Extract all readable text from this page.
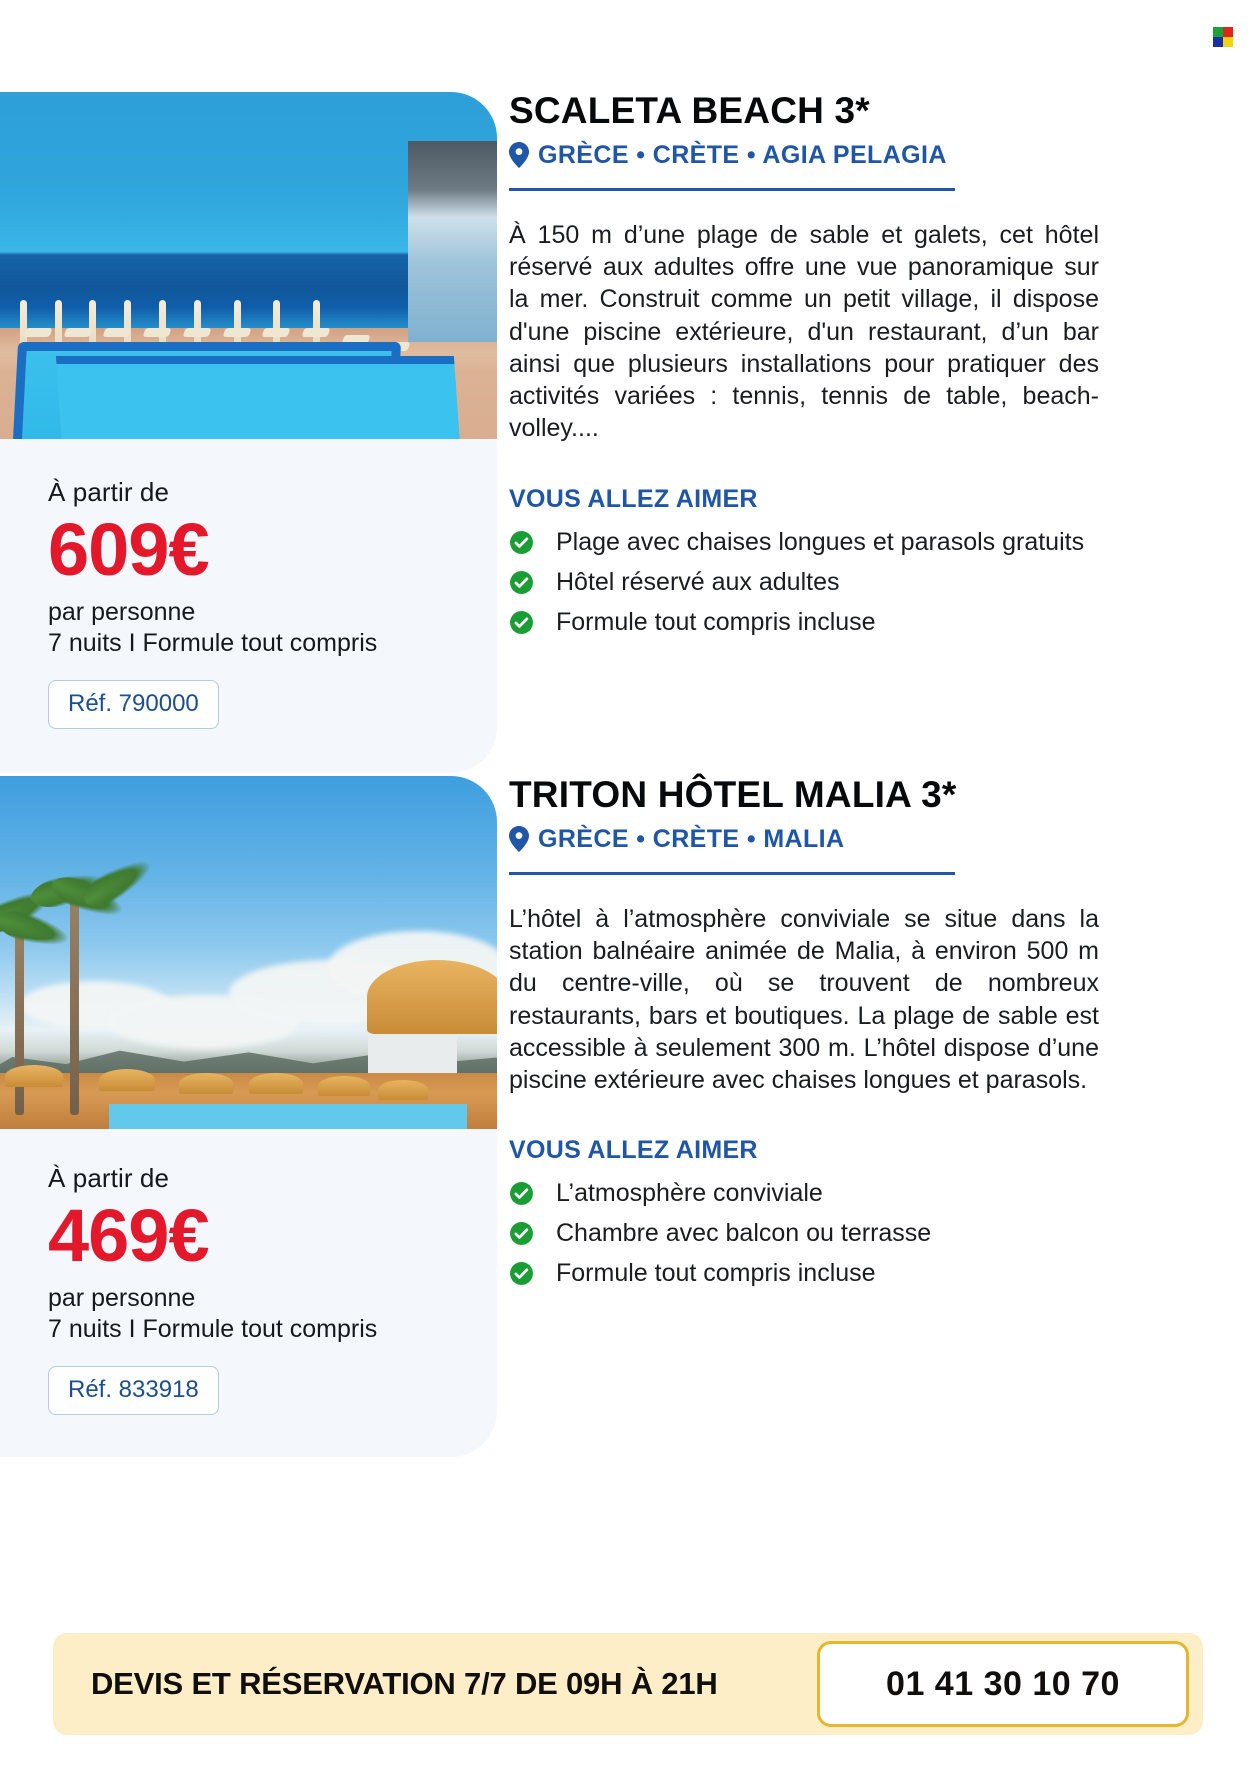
À partir de
609€
par personne
7 nuits I Formule tout compris
Réf. 790000
SCALETA BEACH 3*
GRÈCE • CRÈTE • AGIA PELAGIA

À 150 m d’une plage de sable et galets, cet hôtel réservé aux adultes offre une vue panoramique sur la mer. Construit comme un petit village, il dispose d'une piscine extérieure, d'un restaurant, d’un bar ainsi que plusieurs installations pour pratiquer des activités variées : tennis, tennis de table, beach-volley....

VOUS ALLEZ AIMER
Plage avec chaises longues et parasols gratuits
Hôtel réservé aux adultes
Formule tout compris incluse
À partir de
469€
par personne
7 nuits I Formule tout compris
Réf. 833918
TRITON HÔTEL MALIA 3*
GRÈCE • CRÈTE • MALIA

L’hôtel à l’atmosphère conviviale se situe dans la station balnéaire animée de Malia, à environ 500 m du centre-ville, où se trouvent de nombreux restaurants, bars et boutiques. La plage de sable est accessible à seulement 300 m. L’hôtel dispose d’une piscine extérieure avec chaises longues et parasols.

VOUS ALLEZ AIMER
L’atmosphère conviviale
Chambre avec balcon ou terrasse
Formule tout compris incluse
DEVIS ET RÉSERVATION 7/7 DE 09H À 21H	01 41 30 10 70
